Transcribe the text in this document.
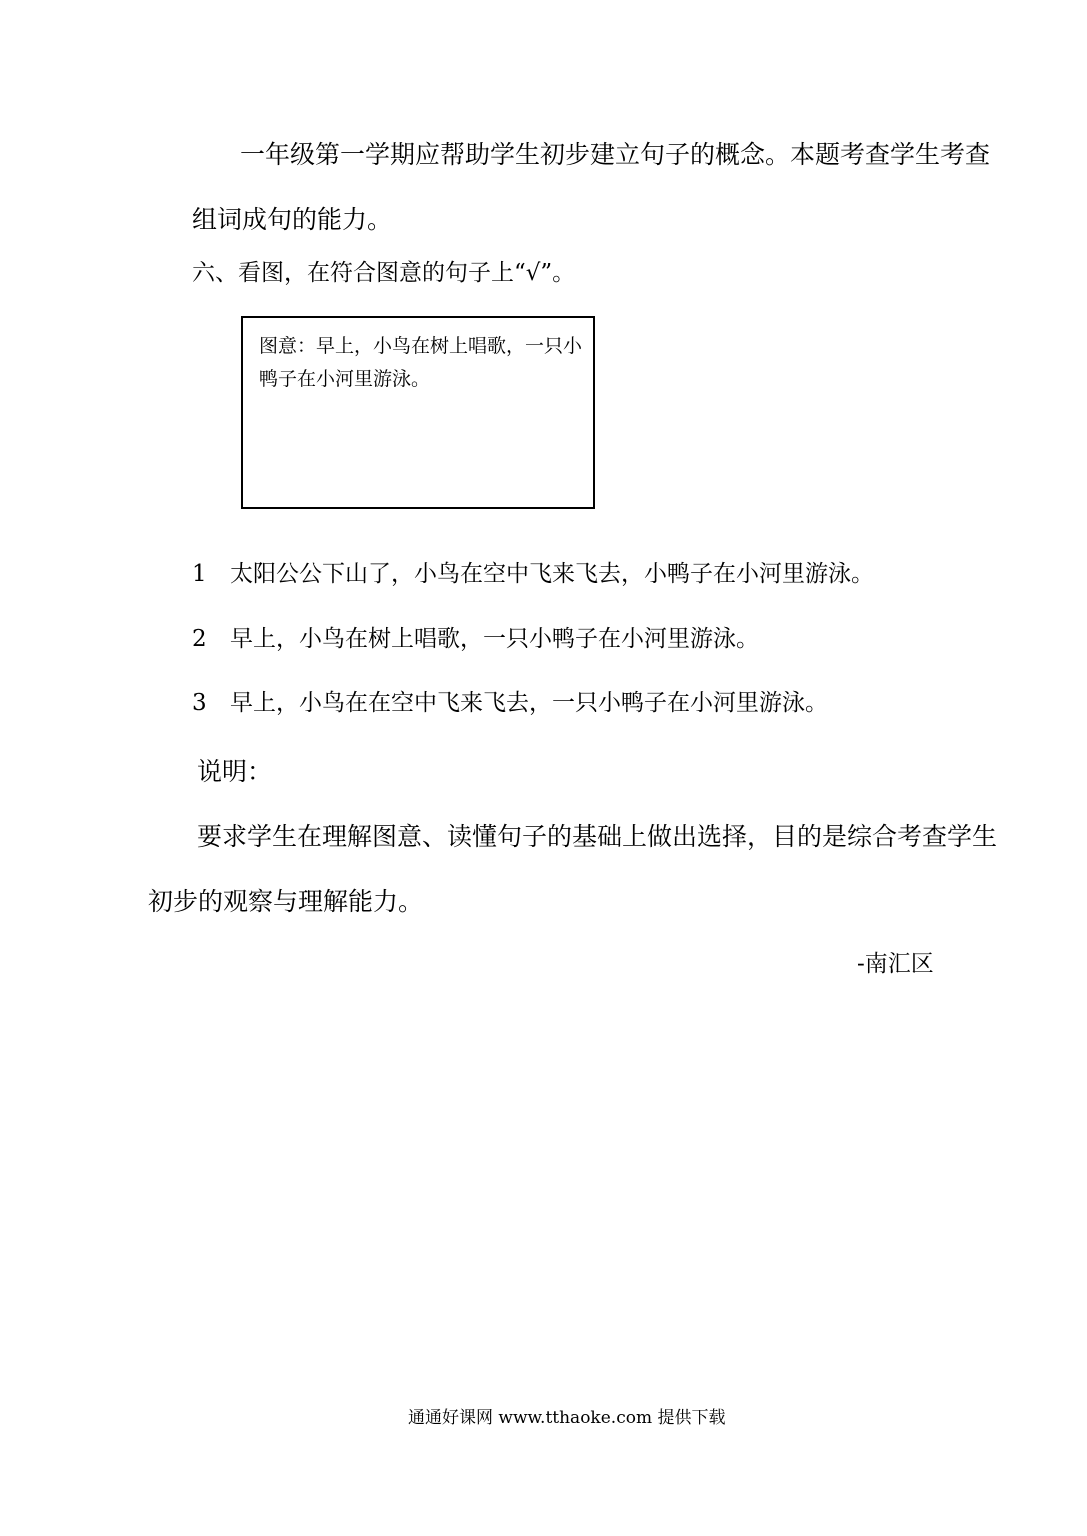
一年级第一学期应帮助学生初步建立句子的概念。本题考查学生考查
组词成句的能力。
六、看图，在符合图意的句子上“√”。
图意：早上，小鸟在树上唱歌，一只小鸭子在小河里游泳。
1 太阳公公下山了，小鸟在空中飞来飞去，小鸭子在小河里游泳。
2 早上，小鸟在树上唱歌，一只小鸭子在小河里游泳。
3 早上，小鸟在在空中飞来飞去，一只小鸭子在小河里游泳。
说明：
要求学生在理解图意、读懂句子的基础上做出选择，目的是综合考查学生
初步的观察与理解能力。
-南汇区
通通好课网 www.tthaoke.com 提供下载
